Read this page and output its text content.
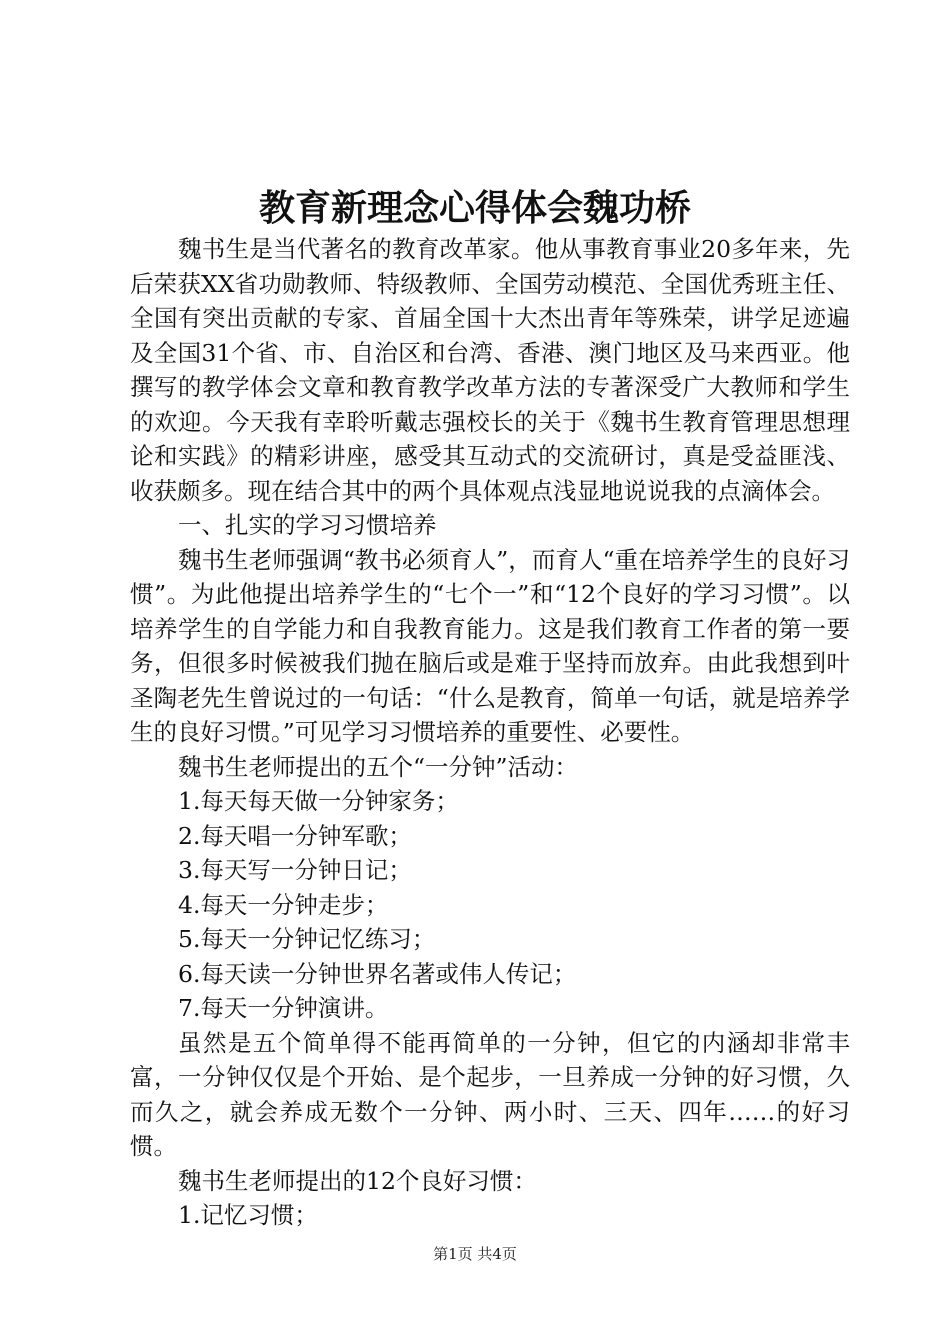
教育新理念心得体会魏功桥

魏书生是当代著名的教育改革家。他从事教育事业20多年来，先后荣获XX省功勋教师、特级教师、全国劳动模范、全国优秀班主任、全国有突出贡献的专家、首届全国十大杰出青年等殊荣，讲学足迹遍及全国31个省、市、自治区和台湾、香港、澳门地区及马来西亚。他撰写的教学体会文章和教育教学改革方法的专著深受广大教师和学生的欢迎。今天我有幸聆听戴志强校长的关于《魏书生教育管理思想理论和实践》的精彩讲座，感受其互动式的交流研讨，真是受益匪浅、收获颇多。现在结合其中的两个具体观点浅显地说说我的点滴体会。

一、扎实的学习习惯培养

魏书生老师强调“教书必须育人”，而育人“重在培养学生的良好习惯”。为此他提出培养学生的“七个一”和“12个良好的学习习惯”。以培养学生的自学能力和自我教育能力。这是我们教育工作者的第一要务，但很多时候被我们抛在脑后或是难于坚持而放弃。由此我想到叶圣陶老先生曾说过的一句话：“什么是教育，简单一句话，就是培养学生的良好习惯。”可见学习习惯培养的重要性、必要性。

魏书生老师提出的五个“一分钟”活动：

1.每天每天做一分钟家务；

2.每天唱一分钟军歌；

3.每天写一分钟日记；

4.每天一分钟走步；

5.每天一分钟记忆练习；

6.每天读一分钟世界名著或伟人传记；

7.每天一分钟演讲。

虽然是五个简单得不能再简单的一分钟，但它的内涵却非常丰富，一分钟仅仅是个开始、是个起步，一旦养成一分钟的好习惯，久而久之，就会养成无数个一分钟、两小时、三天、四年……的好习惯。

魏书生老师提出的12个良好习惯：

1.记忆习惯；

第1页 共4页
